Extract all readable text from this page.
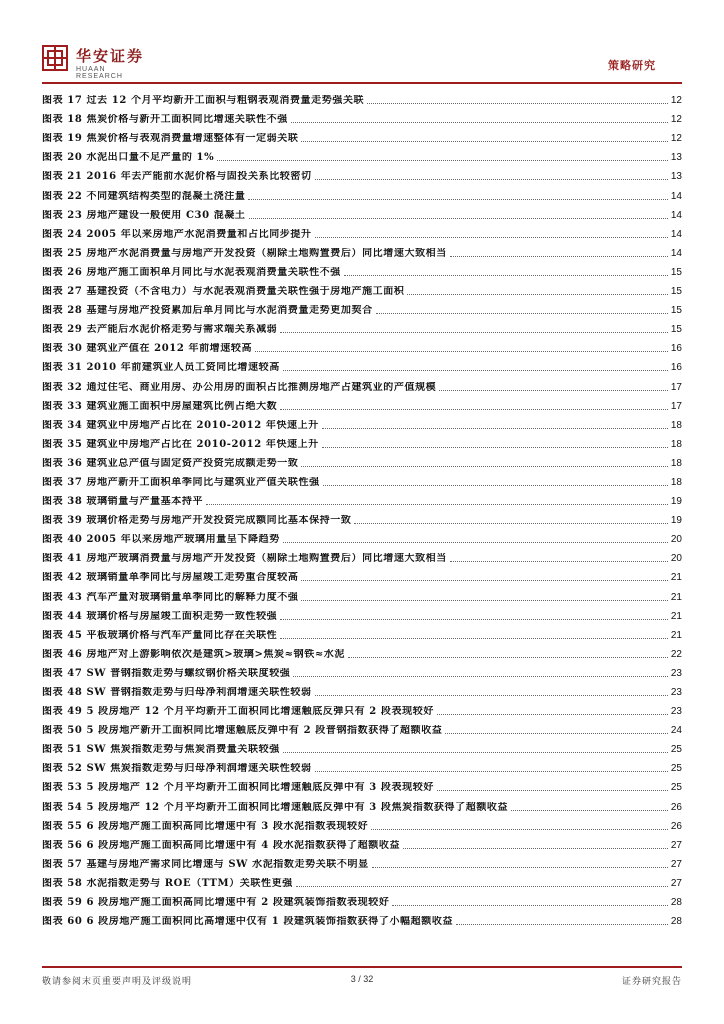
华安证券
HUAAN RESEARCH
策略研究
图表 17 过去 12 个月平均新开工面积与粗钢表观消费量走势强关联	12
图表 18 焦炭价格与新开工面积同比增速关联性不强	12
图表 19 焦炭价格与表观消费量增速整体有一定弱关联	12
图表 20 水泥出口量不足产量的 1%	13
图表 21 2016 年去产能前水泥价格与固投关系比较密切	13
图表 22 不同建筑结构类型的混凝土浇注量	14
图表 23 房地产建设一般使用 C30 混凝土	14
图表 24 2005 年以来房地产水泥消费量和占比同步提升	14
图表 25 房地产水泥消费量与房地产开发投资（剔除土地购置费后）同比增速大致相当	14
图表 26 房地产施工面积单月同比与水泥表观消费量关联性不强	15
图表 27 基建投资（不含电力）与水泥表观消费量关联性强于房地产施工面积	15
图表 28 基建与房地产投资累加后单月同比与水泥消费量走势更加契合	15
图表 29 去产能后水泥价格走势与需求端关系减弱	15
图表 30 建筑业产值在 2012 年前增速较高	16
图表 31 2010 年前建筑业人员工资同比增速较高	16
图表 32 通过住宅、商业用房、办公用房的面积占比推测房地产占建筑业的产值规模	17
图表 33 建筑业施工面积中房屋建筑比例占绝大数	17
图表 34 建筑业中房地产占比在 2010-2012 年快速上升	18
图表 35 建筑业中房地产占比在 2010-2012 年快速上升	18
图表 36 建筑业总产值与固定资产投资完成额走势一致	18
图表 37 房地产新开工面积单季同比与建筑业产值关联性强	18
图表 38 玻璃销量与产量基本持平	19
图表 39 玻璃价格走势与房地产开发投资完成额同比基本保持一致	19
图表 40 2005 年以来房地产玻璃用量呈下降趋势	20
图表 41 房地产玻璃消费量与房地产开发投资（剔除土地购置费后）同比增速大致相当	20
图表 42 玻璃销量单季同比与房屋竣工走势重合度较高	21
图表 43 汽车产量对玻璃销量单季同比的解释力度不强	21
图表 44 玻璃价格与房屋竣工面积走势一致性较强	21
图表 45 平板玻璃价格与汽车产量同比存在关联性	21
图表 46 房地产对上游影响依次是建筑>玻璃>焦炭≈钢铁≈水泥	22
图表 47 SW 普钢指数走势与螺纹钢价格关联度较强	23
图表 48 SW 普钢指数走势与归母净利润增速关联性较弱	23
图表 49 5 段房地产 12 个月平均新开工面积同比增速触底反弹只有 2 段表现较好	23
图表 50 5 段房地产新开工面积同比增速触底反弹中有 2 段普钢指数获得了超额收益	24
图表 51 SW 焦炭指数走势与焦炭消费量关联较强	25
图表 52 SW 焦炭指数走势与归母净利润增速关联性较弱	25
图表 53 5 段房地产 12 个月平均新开工面积同比增速触底反弹中有 3 段表现较好	25
图表 54 5 段房地产 12 个月平均新开工面积同比增速触底反弹中有 3 段焦炭指数获得了超额收益	26
图表 55 6 段房地产施工面积高同比增速中有 3 段水泥指数表现较好	26
图表 56 6 段房地产施工面积高同比增速中有 4 段水泥指数获得了超额收益	27
图表 57 基建与房地产需求同比增速与 SW 水泥指数走势关联不明显	27
图表 58 水泥指数走势与 ROE（TTM）关联性更强	27
图表 59 6 段房地产施工面积高同比增速中有 2 段建筑装饰指数表现较好	28
图表 60 6 段房地产施工面积同比高增速中仅有 1 段建筑装饰指数获得了小幅超额收益	28
敬请参阅末页重要声明及评级说明	3 / 32	证券研究报告
